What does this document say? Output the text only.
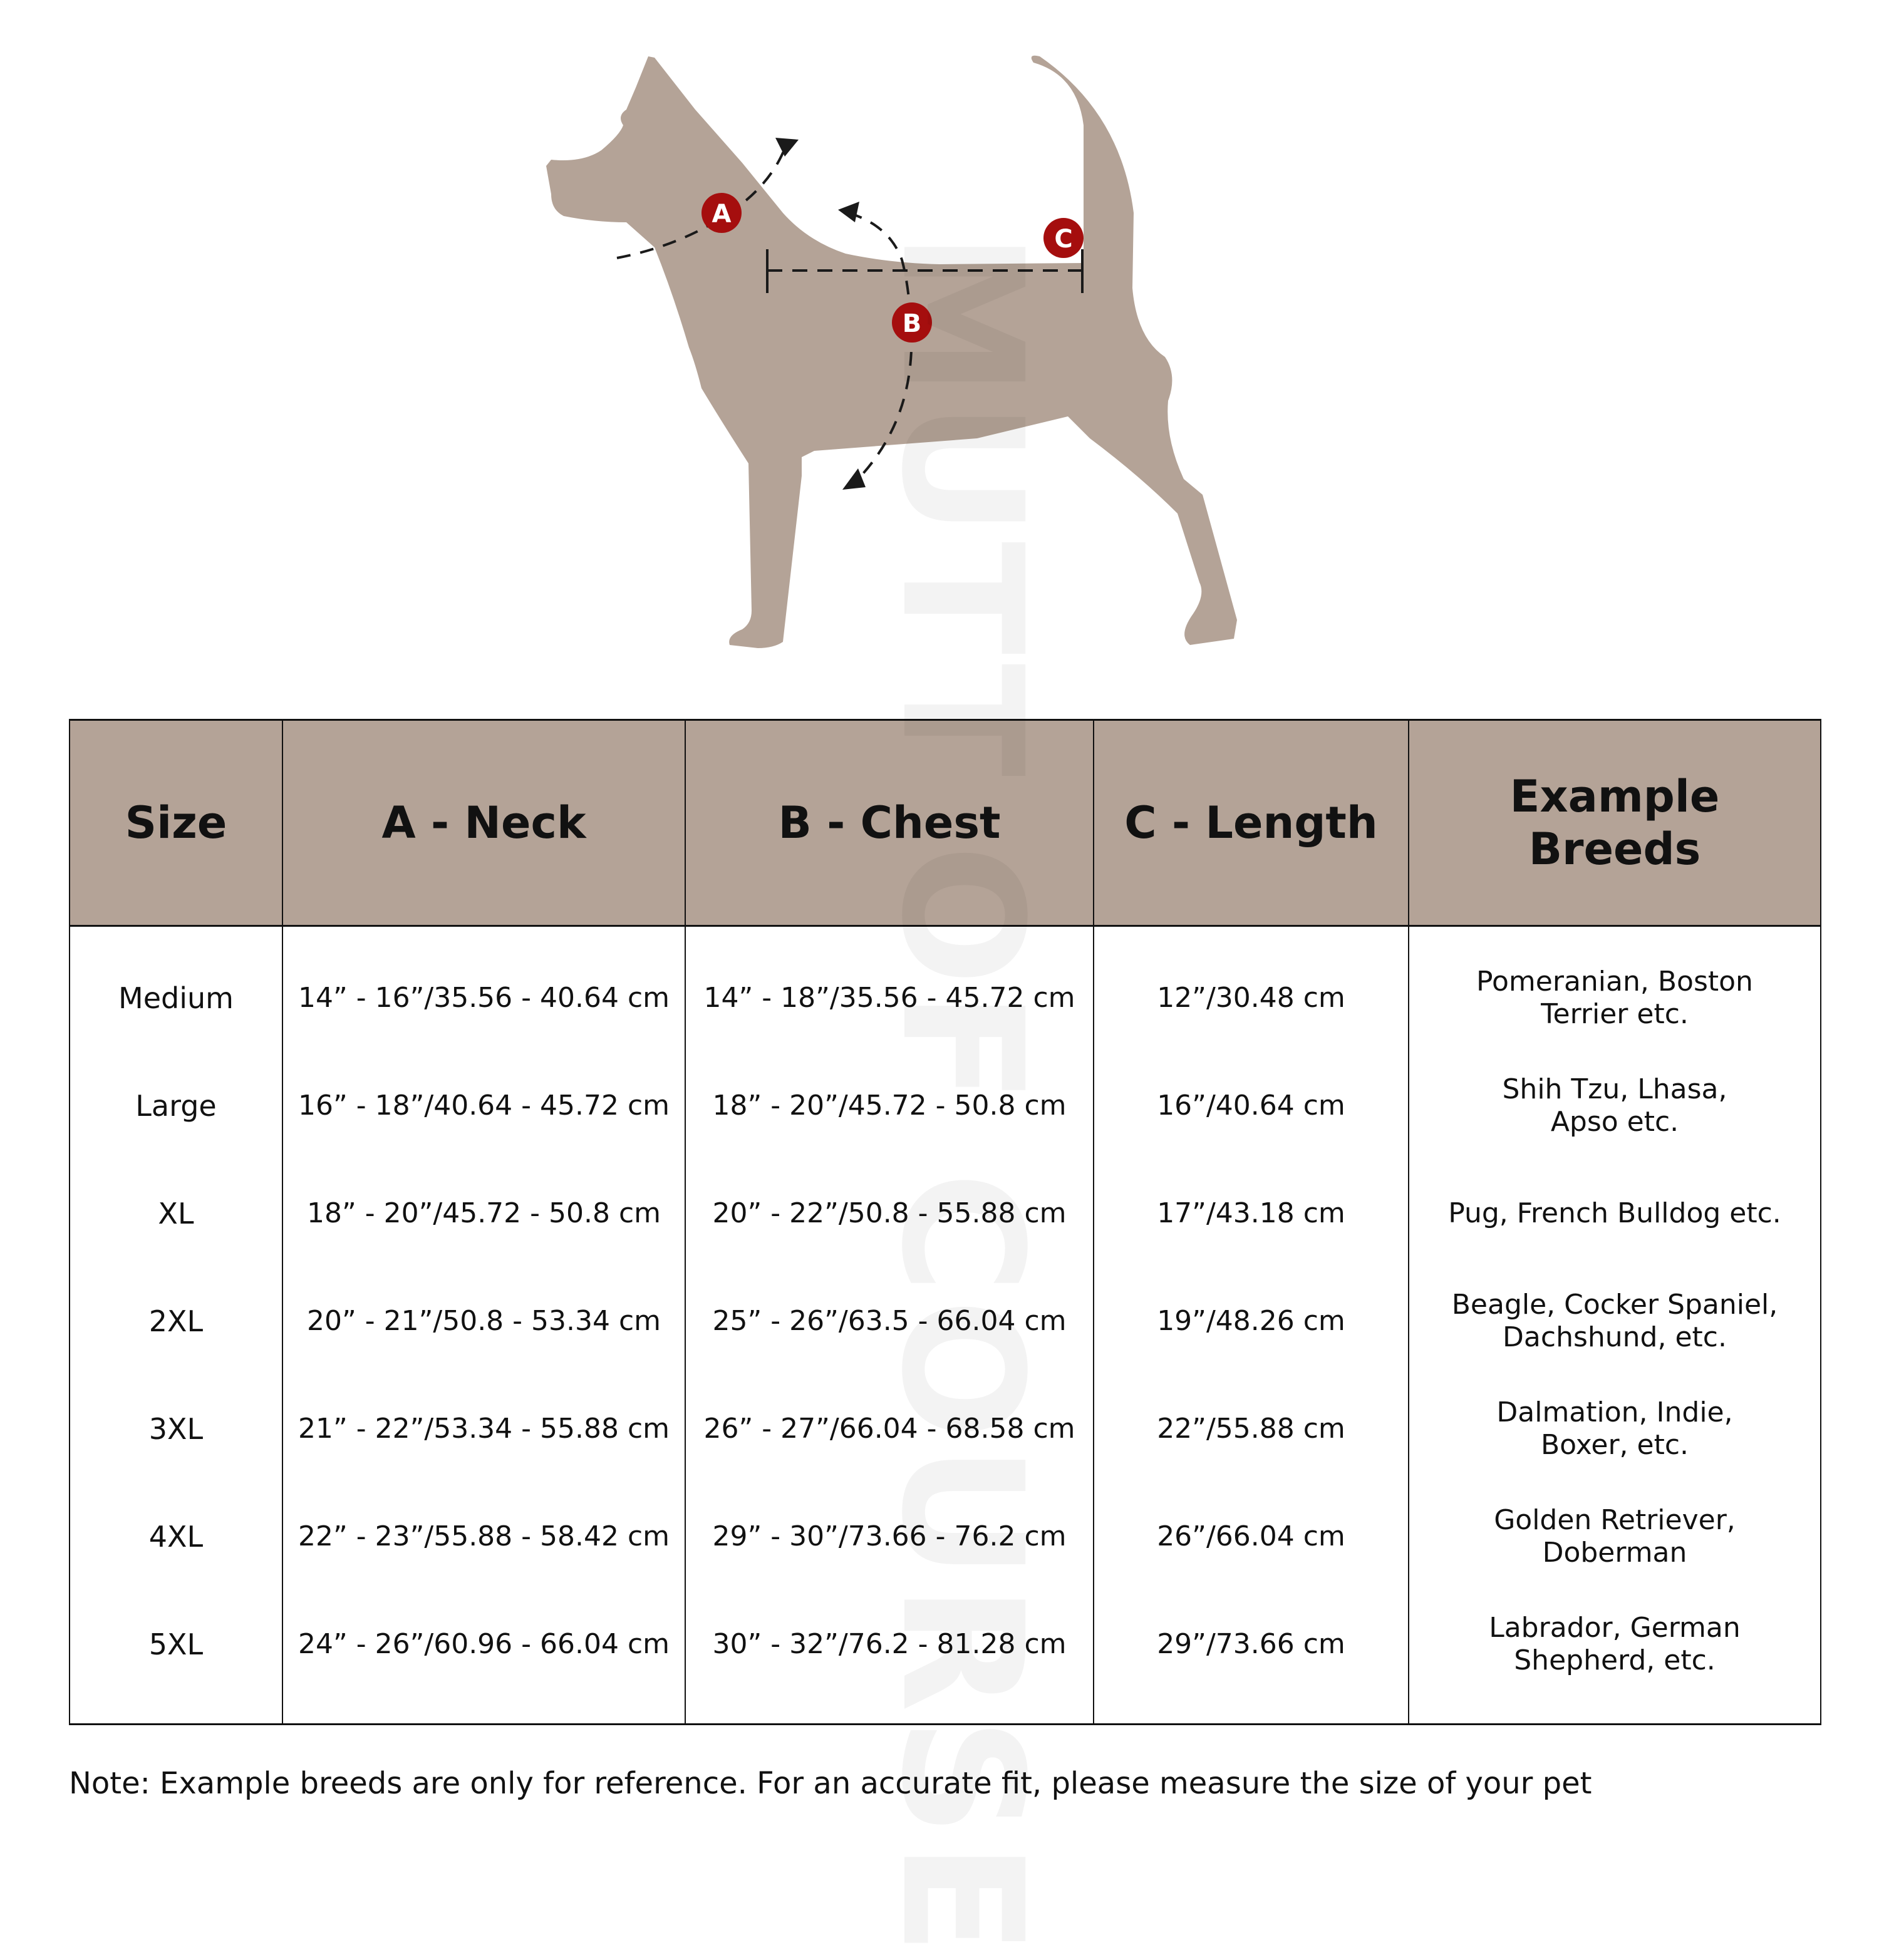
A
B
C
Size	A - Neck	B - Chest	C - Length	Example
Breeds

Medium	14” - 16”/35.56 - 40.64 cm	14” - 18”/35.56 - 45.72 cm	12”/30.48 cm	Pomeranian, Boston
Terrier etc.

Large	16” - 18”/40.64 - 45.72 cm	18” - 20”/45.72 - 50.8 cm	16”/40.64 cm	Shih Tzu, Lhasa,
Apso etc.

XL	18” - 20”/45.72 - 50.8 cm	20” - 22”/50.8 - 55.88 cm	17”/43.18 cm	Pug, French Bulldog etc.

2XL	20” - 21”/50.8 - 53.34 cm	25” - 26”/63.5 - 66.04 cm	19”/48.26 cm	Beagle, Cocker Spaniel,
Dachshund, etc.

3XL	21” - 22”/53.34 - 55.88 cm	26” - 27”/66.04 - 68.58 cm	22”/55.88 cm	Dalmation, Indie,
Boxer, etc.

4XL	22” - 23”/55.88 - 58.42 cm	29” - 30”/73.66 - 76.2 cm	26”/66.04 cm	Golden Retriever,
Doberman

5XL	24” - 26”/60.96 - 66.04 cm	30” - 32”/76.2 - 81.28 cm	29”/73.66 cm	Labrador, German
Shepherd, etc.
Note: Example breeds are only for reference. For an accurate fit, please measure the size of your pet
